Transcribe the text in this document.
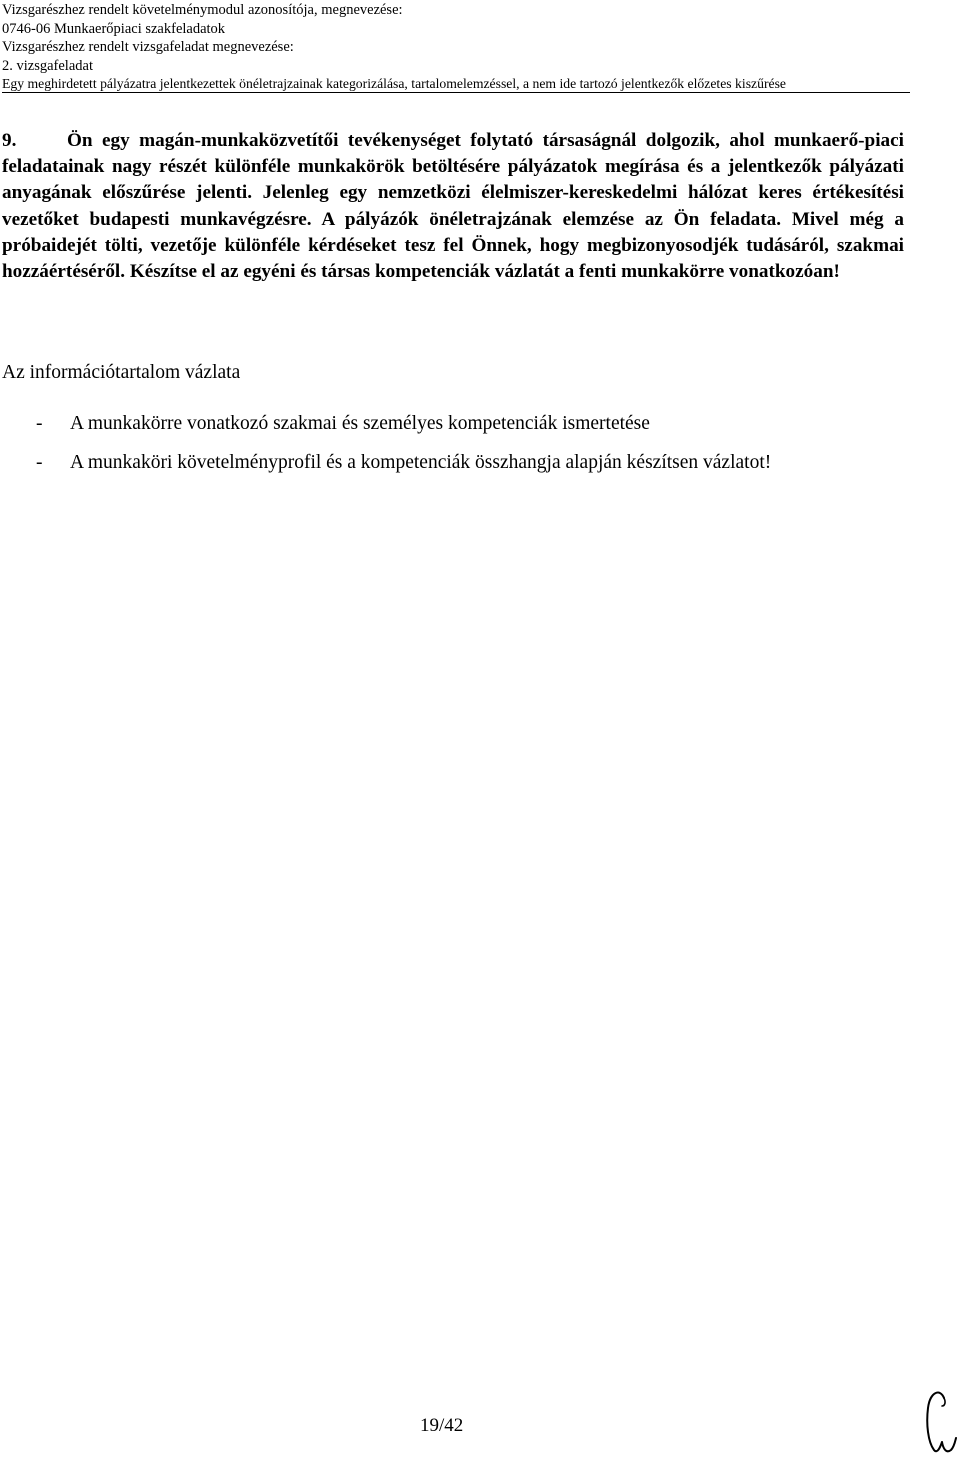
Vizsgarészhez rendelt követelménymodul azonosítója, megnevezése:
0746-06 Munkaerőpiaci szakfeladatok
Vizsgarészhez rendelt vizsgafeladat megnevezése:
2. vizsgafeladat
Egy meghirdetett pályázatra jelentkezettek önéletrajzainak kategorizálása, tartalomelemzéssel, a nem ide tartozó jelentkezők előzetes kiszűrése
9.	Ön egy magán-munkaközvetítői tevékenységet folytató társaságnál dolgozik, ahol munkaerő-piaci feladatainak nagy részét különféle munkakörök betöltésére pályázatok megírása és a jelentkezők pályázati anyagának előszűrése jelenti. Jelenleg egy nemzetközi élelmiszer-kereskedelmi hálózat keres értékesítési vezetőket budapesti munkavégzésre. A pályázók önéletrajzának elemzése az Ön feladata. Mivel még a próbaidejét tölti, vezetője különféle kérdéseket tesz fel Önnek, hogy megbizonyosodjék tudásáról, szakmai hozzáértéséről. Készítse el az egyéni és társas kompetenciák vázlatát a fenti munkakörre vonatkozóan!
Az információtartalom vázlata
- A munkakörre vonatkozó szakmai és személyes kompetenciák ismertetése
- A munkaköri követelményprofil és a kompetenciák összhangja alapján készítsen vázlatot!
19/42
